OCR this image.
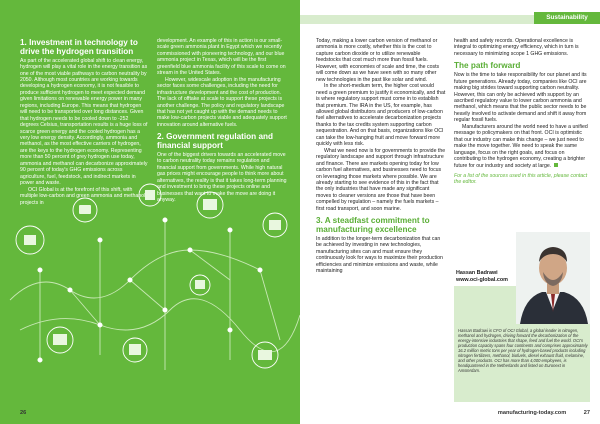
1. Investment in technology to drive the hydrogen transition

As part of the accelerated global shift to clean energy, hydrogen will play a vital role in the energy transition as one of the most viable pathways to carbon neutrality by 2050. Although most countries are working towards developing a hydrogen economy, it is not feasible to produce sufficient hydrogen to meet expected demand given limitations on renewable energy power in many regions, including Europe. This means that hydrogen will need to be transported over long distances. Given that hydrogen needs to be cooled down to -252 degrees Celsius, transportation results is a huge loss of scarce green energy and the cooled hydrogen has a very low energy density. Accordingly, ammonia and methanol, as the most effective carriers of hydrogen, are the keys to the hydrogen economy. Representing more than 50 percent of grey hydrogen use today, ammonia and methanol can decarbonize approximately 90 percent of today's GHG emissions across agriculture, fuel, feedstock, and indirect markets in power and waste.

OCI Global is at the forefront of this shift, with multiple low-carbon and green ammonia and methanol projects in

development. An example of this in action is our small-scale green ammonia plant in Egypt which we recently commissioned with pioneering technology, and our blue ammonia project in Texas, which will be the first greenfield blue ammonia facility of this scale to come on stream in the United States.

However, widescale adoption in the manufacturing sector faces some challenges, including the need for infrastructure development and the cost of production. The lack of offtake at scale to support these projects is another challenge. The policy and regulatory landscape that has not yet caught up with the demand needs to make low-carbon projects viable and adequately support innovation around alternative fuels.

2. Government regulation and financial support

One of the biggest drivers towards an accelerated move to carbon neutrality today remains regulation and financial support from governments. While high natural gas prices might encourage people to think more about alternatives, the reality is that it takes long-term planning and investment to bring these projects online and businesses that want to make the move are doing it anyway.

26

Today, making a lower carbon version of methanol or ammonia is more costly, whether this is the cost to capture carbon dioxide or to utilize renewable feedstocks that cost much more than fossil fuels. However, with economies of scale and time, the costs will come down as we have seen with so many other new technologies in the past like solar and wind.

In the short-medium term, the higher cost would need a green premium to justify it economically, and that is where regulatory support must come in to establish that premium. The IRA in the US, for example, has allowed global distributors and producers of low-carbon fuel alternatives to accelerate decarbonization projects thanks to the tax credits system supporting carbon sequestration. And on that basis, organizations like OCI can take the low-hanging fruit and move forward more quickly with less risk.

What we need now is for governments to provide the regulatory landscape and support through infrastructure and finance. There are markets opening today for low carbon fuel alternatives, and businesses need to focus on leveraging those markets where possible. We are already starting to see evidence of this in the fact that the only industries that have made any significant moves to cleaner versions are those that have been compelled by regulation – namely the fuels markets – first road transport, and soon marine.

3. A steadfast commitment to manufacturing excellence

In addition to the longer-term decarbonization that can be achieved by investing in new technologies, manufacturing sites can and must ensure they continuously look for ways to maximize their production efficiencies and minimize emissions and waste, while maintaining

health and safety records. Operational excellence is integral to optimizing energy efficiency, which in turn is necessary to minimizing scope 1 GHG emissions.

The path forward

Now is the time to take responsibility for our planet and its future generations. Already today, companies like OCI are making big strides toward supporting carbon neutrality. However, this can only be achieved with support by an ascribed regulatory value to lower carbon ammonia and methanol, which means that the public sector needs to be heavily involved to activate demand and shift it away from regular fossil fuels.

Manufacturers around the world need to have a unified message to policymakers on that front. OCI is optimistic that our industry can make this change – we just need to make the move together. We need to speak the same language, focus on the right goals, and focus on contributing to the hydrogen economy, creating a brighter future for our industry and society at large.

For a list of the sources used in this article, please contact the editor.

manufacturing-today.com	27
Sustainability
Hassan Badrawi
www.oci-global.com
Hassan Badrawi is CFO of OCI Global, a global leader in nitrogen, methanol and hydrogen, driving forward the decarbonization of the energy-intensive industries that shape, feed and fuel the world. OCI's production capacity spans four continents and comprises approximately 16.2 million metric tons per year of hydrogen-based products including nitrogen fertilizers, methanol, biofuels, diesel exhaust fluid, melamine, and other products. OCI has more than 4,000 employees, is headquartered in the Netherlands and listed on Euronext in Amsterdam.
